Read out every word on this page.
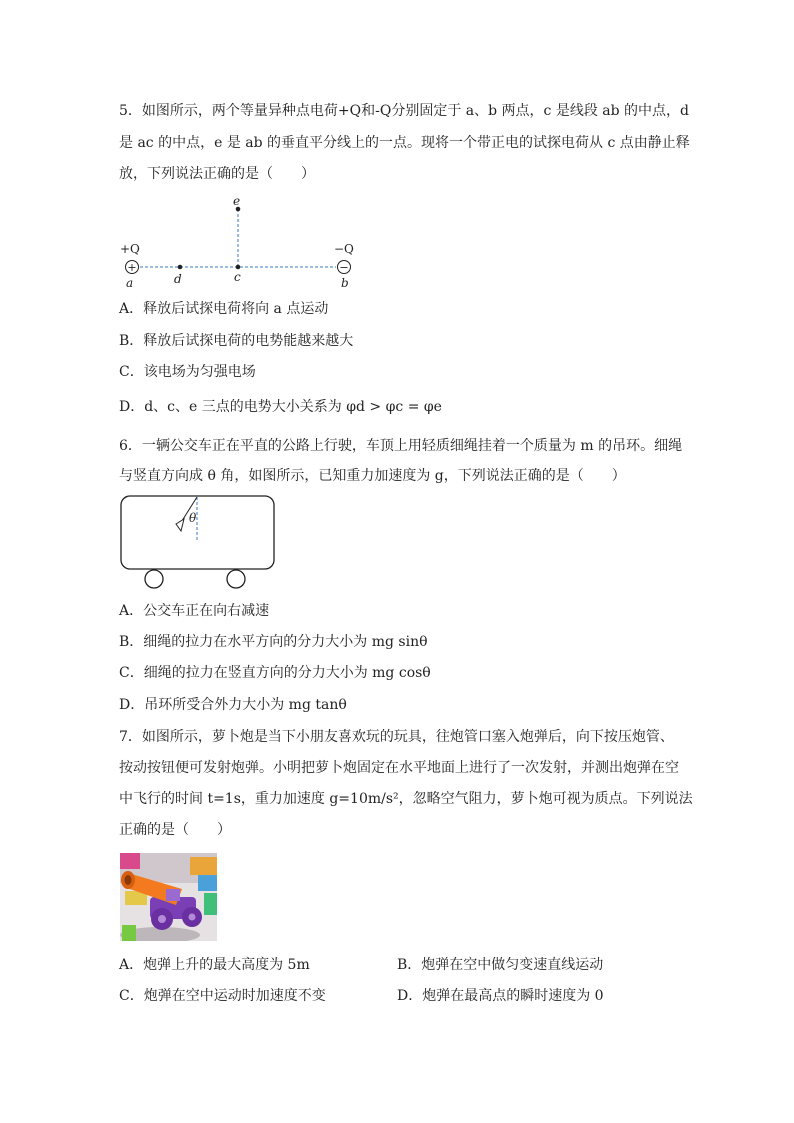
5．如图所示，两个等量异种点电荷+Q和-Q分别固定于 a、b 两点，c 是线段 ab 的中点，d
是 ac 的中点，e 是 ab 的垂直平分线上的一点。现将一个带正电的试探电荷从 c 点由静止释
放，下列说法正确的是（　　）
e
+
+Q
a	d	c
−
−Q
b
A．释放后试探电荷将向 a 点运动
B．释放后试探电荷的电势能越来越大
C．该电场为匀强电场
D．d、c、e 三点的电势大小关系为 φd > φc = φe
6．一辆公交车正在平直的公路上行驶，车顶上用轻质细绳挂着一个质量为 m 的吊环。细绳
与竖直方向成 θ 角，如图所示，已知重力加速度为 g，下列说法正确的是（　　）
θ
A．公交车正在向右减速
B．细绳的拉力在水平方向的分力大小为 mg sinθ
C．细绳的拉力在竖直方向的分力大小为 mg cosθ
D．吊环所受合外力大小为 mg tanθ
7．如图所示，萝卜炮是当下小朋友喜欢玩的玩具，往炮管口塞入炮弹后，向下按压炮管、
按动按钮便可发射炮弹。小明把萝卜炮固定在水平地面上进行了一次发射，并测出炮弹在空
中飞行的时间 t=1s，重力加速度 g=10m/s²，忽略空气阻力，萝卜炮可视为质点。下列说法
正确的是（　　）
A．炮弹上升的最大高度为 5m	B．炮弹在空中做匀变速直线运动
C．炮弹在空中运动时加速度不变	D．炮弹在最高点的瞬时速度为 0
